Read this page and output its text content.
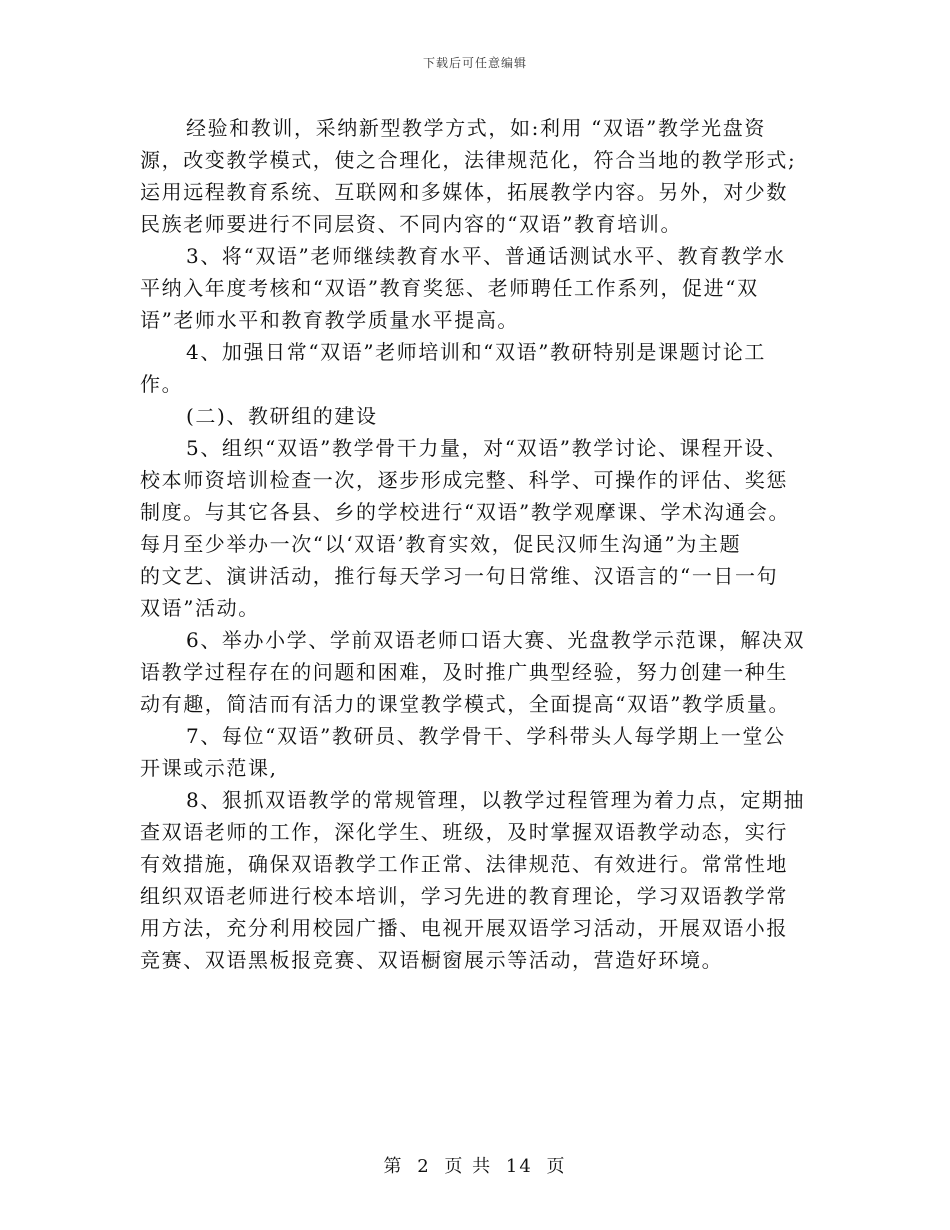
下载后可任意编辑
经验和教训，采纳新型教学方式，如:利用 “双语”教学光盘资
源，改变教学模式，使之合理化，法律规范化，符合当地的教学形式;
运用远程教育系统、互联网和多媒体，拓展教学内容。另外，对少数
民族老师要进行不同层资、不同内容的“双语”教育培训。
3、将“双语”老师继续教育水平、普通话测试水平、教育教学水
平纳入年度考核和“双语”教育奖惩、老师聘任工作系列，促进“双
语”老师水平和教育教学质量水平提高。
4、加强日常“双语”老师培训和“双语”教研特别是课题讨论工
作。
(二)、教研组的建设
5、组织“双语”教学骨干力量，对“双语”教学讨论、课程开设、
校本师资培训检查一次，逐步形成完整、科学、可操作的评估、奖惩
制度。与其它各县、乡的学校进行“双语”教学观摩课、学术沟通会。
每月至少举办一次“以‘双语’教育实效，促民汉师生沟通”为主题
的文艺、演讲活动，推行每天学习一句日常维、汉语言的“一日一句
双语”活动。
6、举办小学、学前双语老师口语大赛、光盘教学示范课，解决双
语教学过程存在的问题和困难，及时推广典型经验，努力创建一种生
动有趣，简洁而有活力的课堂教学模式，全面提高“双语”教学质量。
7、每位“双语”教研员、教学骨干、学科带头人每学期上一堂公
开课或示范课,
8、狠抓双语教学的常规管理，以教学过程管理为着力点，定期抽
查双语老师的工作，深化学生、班级，及时掌握双语教学动态，实行
有效措施，确保双语教学工作正常、法律规范、有效进行。常常性地
组织双语老师进行校本培训，学习先进的教育理论，学习双语教学常
用方法，充分利用校园广播、电视开展双语学习活动，开展双语小报
竞赛、双语黑板报竞赛、双语橱窗展示等活动，营造好环境。
第 2 页 共 14 页
